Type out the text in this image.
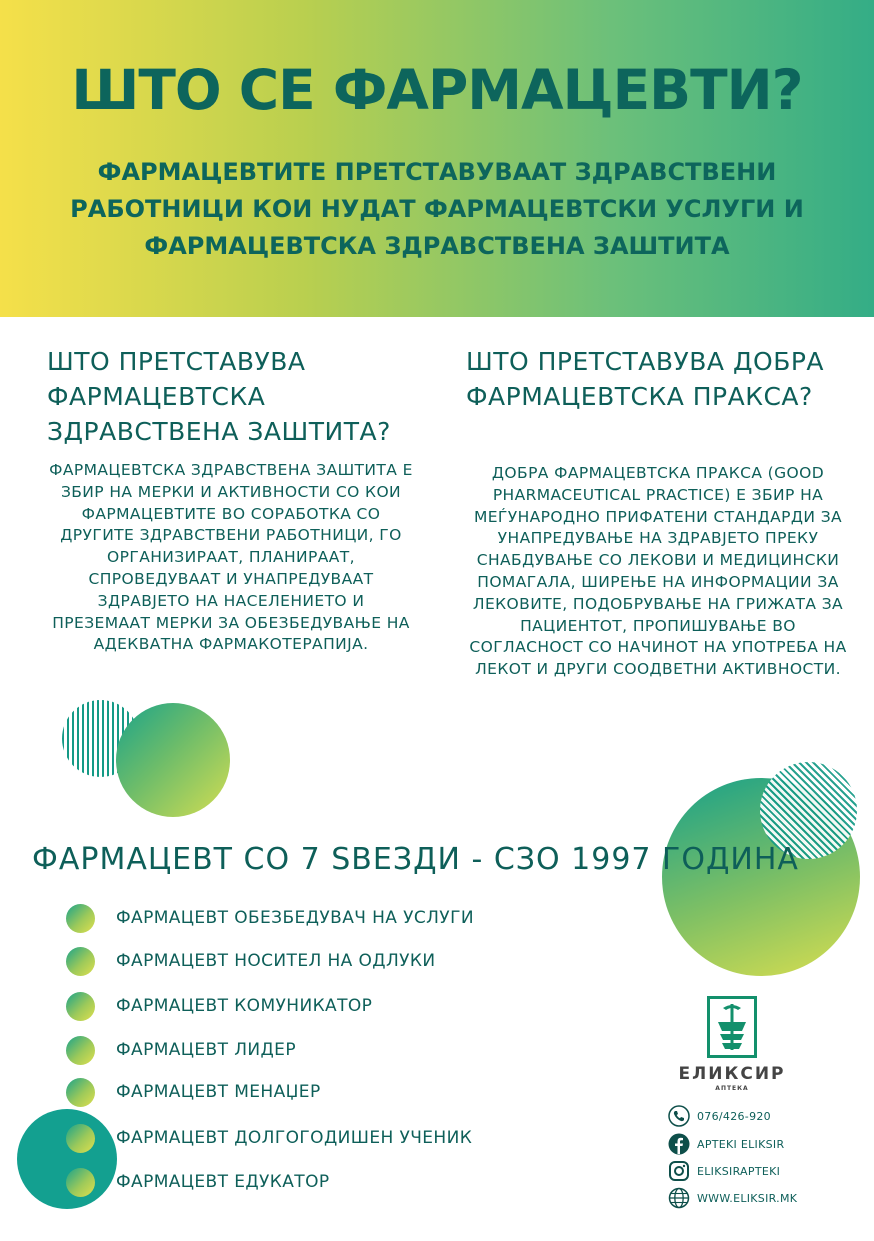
ШТО СЕ ФАРМАЦЕВТИ?
ФАРМАЦЕВТИТЕ ПРЕТСТАВУВААТ ЗДРАВСТВЕНИ РАБОТНИЦИ КОИ НУДАТ ФАРМАЦЕВТСКИ УСЛУГИ И ФАРМАЦЕВТСКА ЗДРАВСТВЕНА ЗАШТИТА
ШТО ПРЕТСТАВУВА ФАРМАЦЕВТСКА ЗДРАВСТВЕНА ЗАШТИТА?
ФАРМАЦЕВТСКА ЗДРАВСТВЕНА ЗАШТИТА Е ЗБИР НА МЕРКИ И АКТИВНОСТИ СО КОИ ФАРМАЦЕВТИТЕ ВО СОРАБОТКА СО ДРУГИТЕ ЗДРАВСТВЕНИ РАБОТНИЦИ, ГО ОРГАНИЗИРААТ, ПЛАНИРААТ, СПРОВЕДУВААТ И УНАПРЕДУВААТ ЗДРАВЈЕТО НА НАСЕЛЕНИЕТО И ПРЕЗЕМААТ МЕРКИ ЗА ОБЕЗБЕДУВАЊЕ НА АДЕКВАТНА ФАРМАКОТЕРАПИЈА.
ШТО ПРЕТСТАВУВА ДОБРА ФАРМАЦЕВТСКА ПРАКСА?
ДОБРА ФАРМАЦЕВТСКА ПРАКСА (GOOD PHARMACEUTICAL PRACTICE) Е ЗБИР НА МЕЃУНАРОДНО ПРИФАТЕНИ СТАНДАРДИ ЗА УНАПРЕДУВАЊЕ НА ЗДРАВЈЕТО ПРЕКУ СНАБДУВАЊЕ СО ЛЕКОВИ И МЕДИЦИНСКИ ПОМАГАЛА, ШИРЕЊЕ НА ИНФОРМАЦИИ ЗА ЛЕКОВИТЕ, ПОДОБРУВАЊЕ НА ГРИЖАТА ЗА ПАЦИЕНТОТ, ПРОПИШУВАЊЕ ВО СОГЛАСНОСТ СО НАЧИНОТ НА УПОТРЕБА НА ЛЕКОТ И ДРУГИ СООДВЕТНИ АКТИВНОСТИ.
ФАРМАЦЕВТ СО 7 ЅВЕЗДИ - СЗО 1997 ГОДИНА
ФАРМАЦЕВТ ОБЕЗБЕДУВАЧ НА УСЛУГИ
ФАРМАЦЕВТ НОСИТЕЛ НА ОДЛУКИ
ФАРМАЦЕВТ КОМУНИКАТОР
ФАРМАЦЕВТ ЛИДЕР
ФАРМАЦЕВТ МЕНАЏЕР
ФАРМАЦЕВТ ДОЛГОГОДИШЕН УЧЕНИК
ФАРМАЦЕВТ ЕДУКАТОР
ЕЛИКСИР
АПТЕКА
076/426-920
APTEKI ELIKSIR
ELIKSIRAPTEKI
WWW.ELIKSIR.MK
